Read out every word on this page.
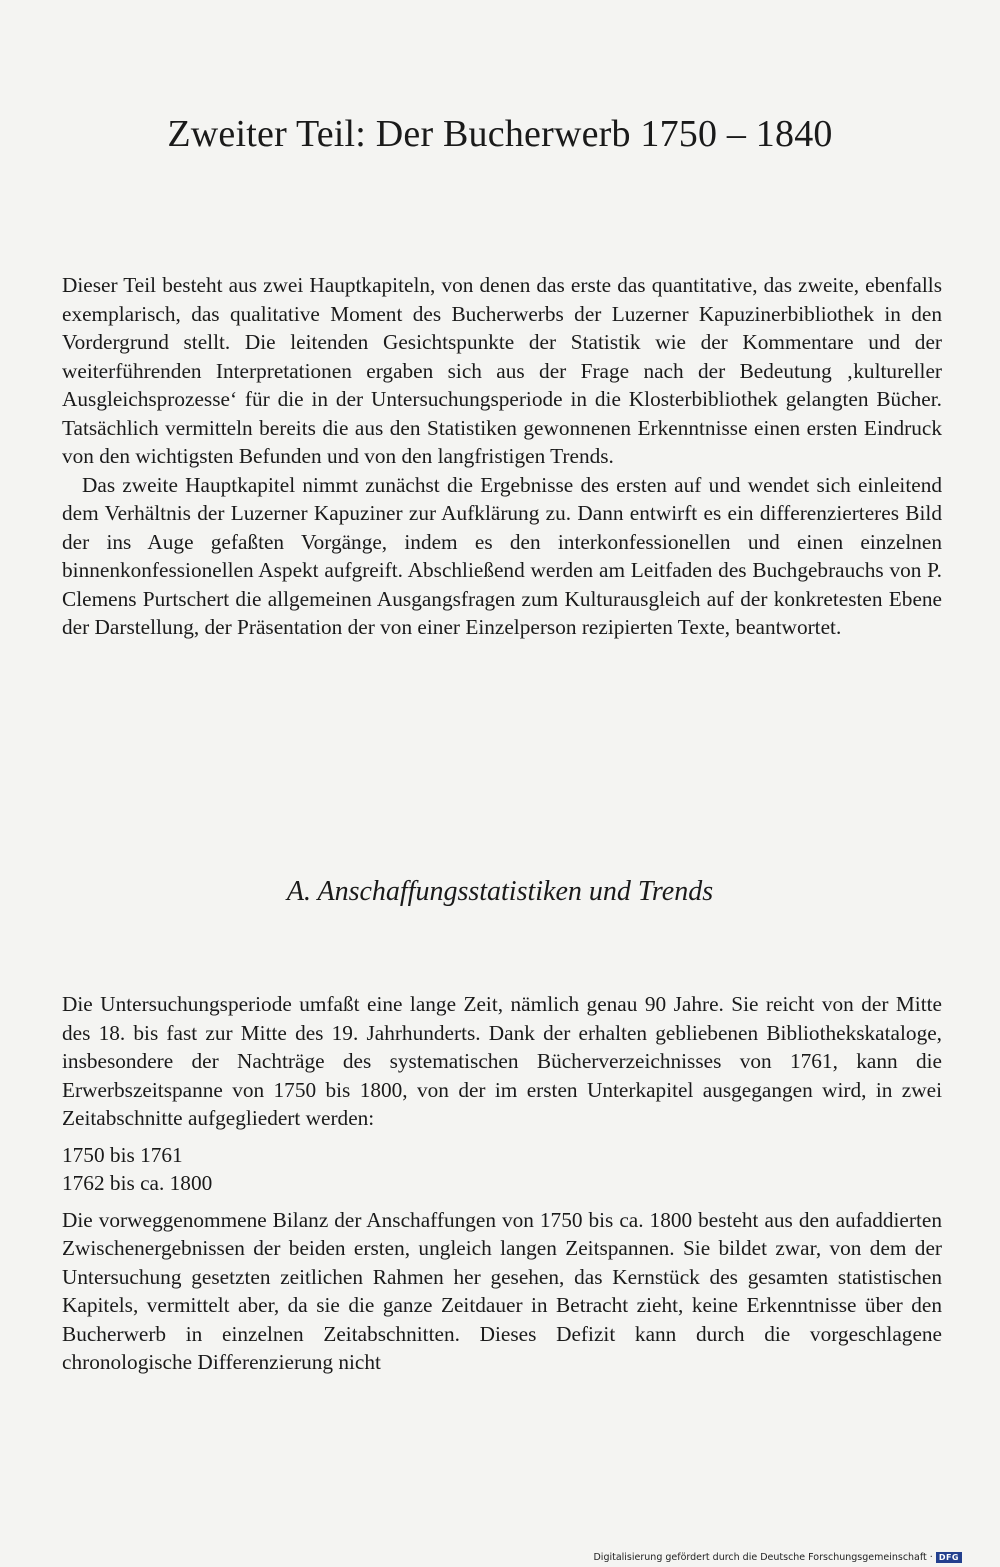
Zweiter Teil: Der Bucherwerb 1750 – 1840

Dieser Teil besteht aus zwei Hauptkapiteln, von denen das erste das quantitative, das zweite, ebenfalls exemplarisch, das qualitative Moment des Bucherwerbs der Luzerner Kapuzinerbibliothek in den Vordergrund stellt. Die leitenden Gesichtspunkte der Statistik wie der Kommentare und der weiterführenden Interpretationen ergaben sich aus der Frage nach der Bedeutung ‚kultureller Ausgleichsprozesse‘ für die in der Untersuchungsperiode in die Klosterbibliothek gelangten Bücher. Tatsächlich vermitteln bereits die aus den Statistiken gewonnenen Erkenntnisse einen ersten Eindruck von den wichtigsten Befunden und von den langfristigen Trends.

Das zweite Hauptkapitel nimmt zunächst die Ergebnisse des ersten auf und wendet sich einleitend dem Verhältnis der Luzerner Kapuziner zur Aufklärung zu. Dann entwirft es ein differenzierteres Bild der ins Auge gefaßten Vorgänge, indem es den interkonfessionellen und einen einzelnen binnenkonfessionellen Aspekt aufgreift. Abschließend werden am Leitfaden des Buchgebrauchs von P. Clemens Purtschert die allgemeinen Ausgangsfragen zum Kulturausgleich auf der konkretesten Ebene der Darstellung, der Präsentation der von einer Einzelperson rezipierten Texte, beantwortet.

A. Anschaffungsstatistiken und Trends

Die Untersuchungsperiode umfaßt eine lange Zeit, nämlich genau 90 Jahre. Sie reicht von der Mitte des 18. bis fast zur Mitte des 19. Jahrhunderts. Dank der erhalten gebliebenen Bibliothekskataloge, insbesondere der Nachträge des systematischen Bücherverzeichnisses von 1761, kann die Erwerbszeitspanne von 1750 bis 1800, von der im ersten Unterkapitel ausgegangen wird, in zwei Zeitabschnitte aufgegliedert werden:

1750 bis 1761
1762 bis ca. 1800

Die vorweggenommene Bilanz der Anschaffungen von 1750 bis ca. 1800 besteht aus den aufaddierten Zwischenergebnissen der beiden ersten, ungleich langen Zeitspannen. Sie bildet zwar, von dem der Untersuchung gesetzten zeitlichen Rahmen her gesehen, das Kernstück des gesamten statistischen Kapitels, vermittelt aber, da sie die ganze Zeitdauer in Betracht zieht, keine Erkenntnisse über den Bucherwerb in einzelnen Zeitabschnitten. Dieses Defizit kann durch die vorgeschlagene chronologische Differenzierung nicht

Digitalisierung gefördert durch die Deutsche Forschungsgemeinschaft · DFG
